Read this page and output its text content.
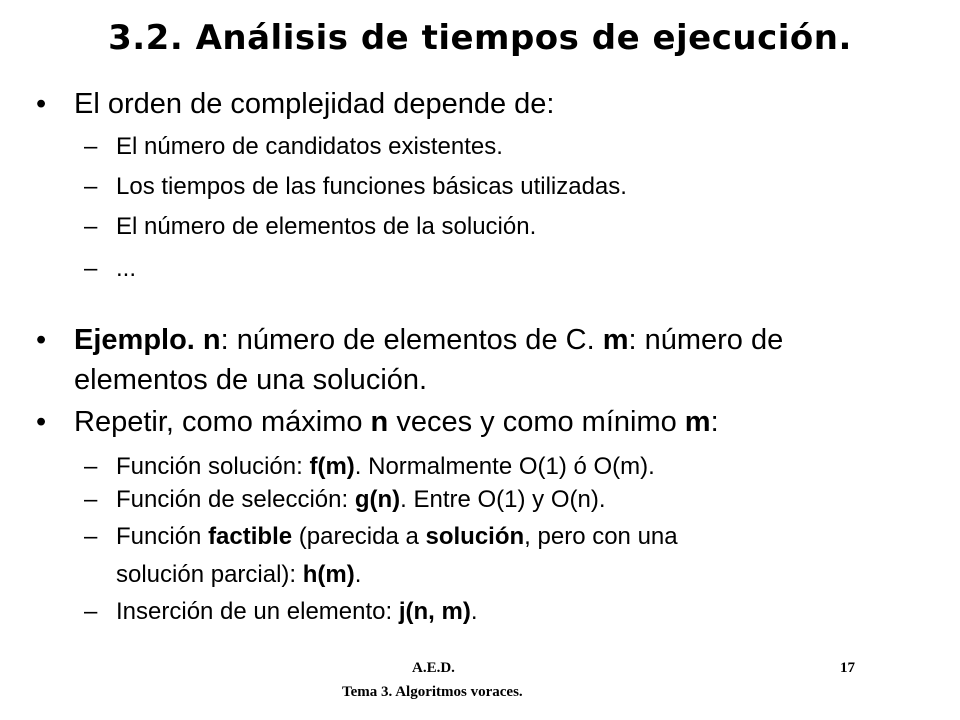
3.2. Análisis de tiempos de ejecución.
• El orden de complejidad depende de:
– El número de candidatos existentes.
– Los tiempos de las funciones básicas utilizadas.
– El número de elementos de la solución.
– ...
• Ejemplo. n: número de elementos de C. m: número de
elementos de una solución.
• Repetir, como máximo n veces y como mínimo m:
– Función solución: f(m). Normalmente O(1) ó O(m).
– Función de selección: g(n). Entre O(1) y O(n).
– Función factible (parecida a solución, pero con una
solución parcial): h(m).
– Inserción de un elemento: j(n, m).
A.E.D.	17
Tema 3. Algoritmos voraces.
